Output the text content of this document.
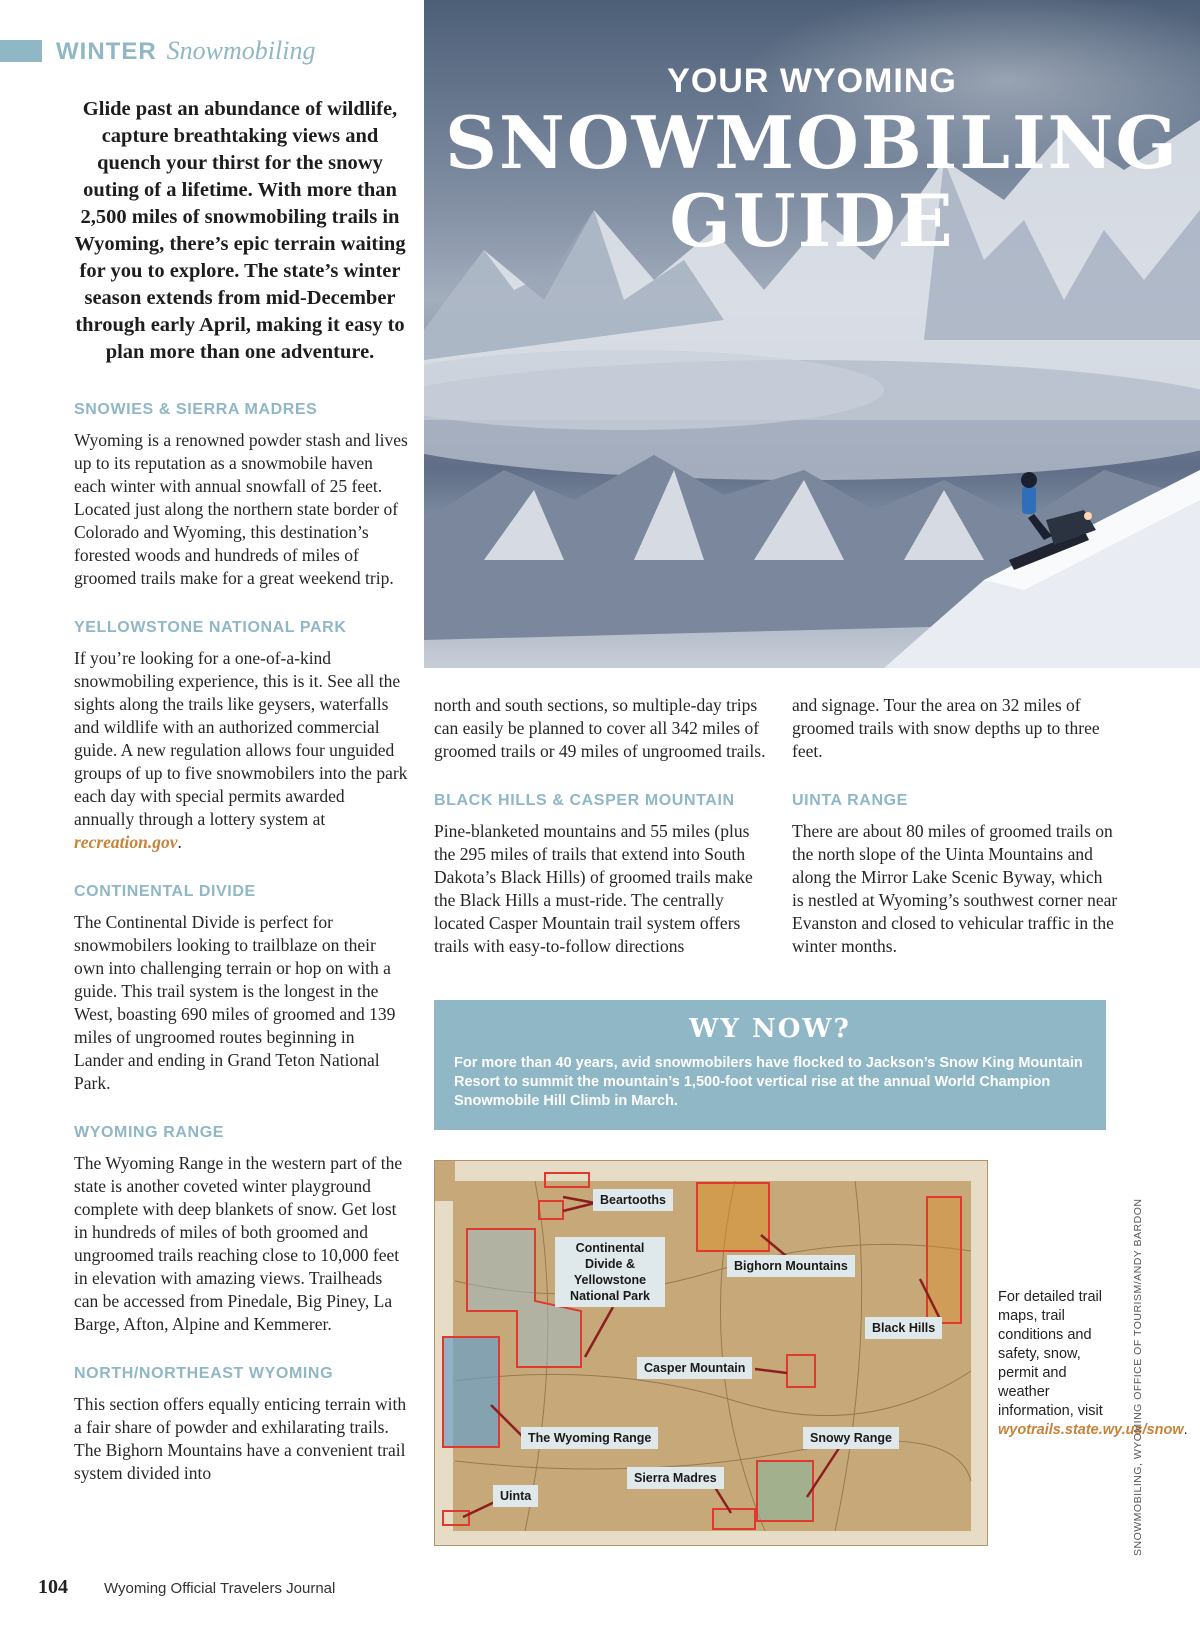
WINTER Snowmobiling
Glide past an abundance of wildlife, capture breathtaking views and quench your thirst for the snowy outing of a lifetime. With more than 2,500 miles of snowmobiling trails in Wyoming, there’s epic terrain waiting for you to explore. The state’s winter season extends from mid-December through early April, making it easy to plan more than one adventure.
SNOWIES & SIERRA MADRES

Wyoming is a renowned powder stash and lives up to its reputation as a snowmobile haven each winter with annual snowfall of 25 feet. Located just along the northern state border of Colorado and Wyoming, this destination’s forested woods and hundreds of miles of groomed trails make for a great weekend trip.

YELLOWSTONE NATIONAL PARK

If you’re looking for a one-of-a-kind snowmobiling experience, this is it. See all the sights along the trails like geysers, waterfalls and wildlife with an authorized commercial guide. A new regulation allows four unguided groups of up to five snowmobilers into the park each day with special permits awarded annually through a lottery system at recreation.gov.

CONTINENTAL DIVIDE

The Continental Divide is perfect for snowmobilers looking to trailblaze on their own into challenging terrain or hop on with a guide. This trail system is the longest in the West, boasting 690 miles of groomed and 139 miles of ungroomed routes beginning in Lander and ending in Grand Teton National Park.

WYOMING RANGE

The Wyoming Range in the western part of the state is another coveted winter playground complete with deep blankets of snow. Get lost in hundreds of miles of both groomed and ungroomed trails reaching close to 10,000 feet in elevation with amazing views. Trailheads can be accessed from Pinedale, Big Piney, La Barge, Afton, Alpine and Kemmerer.

NORTH/NORTHEAST WYOMING

This section offers equally enticing terrain with a fair share of powder and exhilarating trails. The Bighorn Mountains have a convenient trail system divided into

YOUR WYOMING
SNOWMOBILING
GUIDE

north and south sections, so multiple-day trips can easily be planned to cover all 342 miles of groomed trails or 49 miles of ungroomed trails.

BLACK HILLS & CASPER MOUNTAIN

Pine-blanketed mountains and 55 miles (plus the 295 miles of trails that extend into South Dakota’s Black Hills) of groomed trails make the Black Hills a must-ride. The centrally located Casper Mountain trail system offers trails with easy-to-follow directions

and signage. Tour the area on 32 miles of groomed trails with snow depths up to three feet.

UINTA RANGE

There are about 80 miles of groomed trails on the north slope of the Uinta Mountains and along the Mirror Lake Scenic Byway, which is nestled at Wyoming’s southwest corner near Evanston and closed to vehicular traffic in the winter months.

WY NOW?

For more than 40 years, avid snowmobilers have flocked to Jackson’s Snow King Mountain Resort to summit the mountain’s 1,500-foot vertical rise at the annual World Champion Snowmobile Hill Climb in March.

Beartooths
Continental Divide & Yellowstone National Park
Bighorn Mountains
Black Hills
Casper Mountain
The Wyoming Range	Snowy Range
Sierra Madres
Uinta
For detailed trail maps, trail conditions and safety, snow, permit and weather information, visit wyotrails.state.wy.us/snow.
SNOWMOBILING, WYOMING OFFICE OF TOURISM/ANDY BARDON
104 Wyoming Official Travelers Journal
